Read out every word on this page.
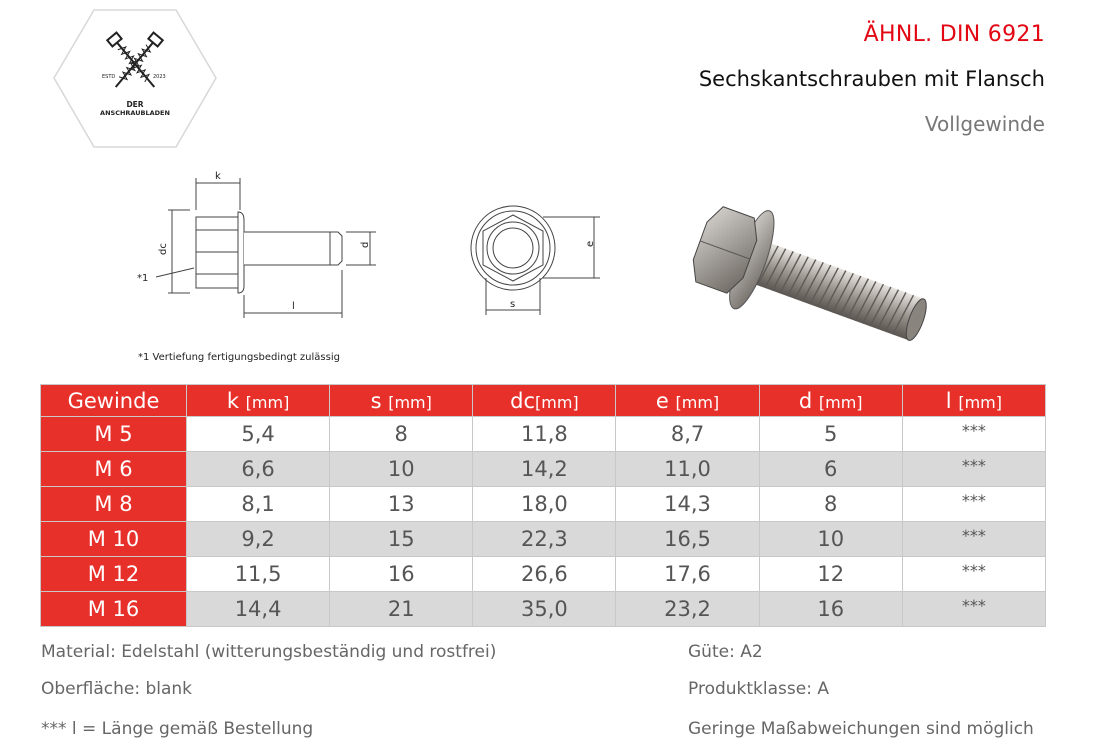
ESTD	2023
DER
ANSCHRAUBLADEN
ÄHNL. DIN 6921
Sechskantschrauben mit Flansch
Vollgewinde
k
dc	d
l
*1
s
e
*1 Vertiefung fertigungsbedingt zulässig
Gewinde	k [mm]	s [mm]	dc[mm]	e [mm]	d [mm]	l [mm]
M 5	5,4	8	11,8	8,7	5	***
M 6	6,6	10	14,2	11,0	6	***
M 8	8,1	13	18,0	14,3	8	***
M 10	9,2	15	22,3	16,5	10	***
M 12	11,5	16	26,6	17,6	12	***
M 16	14,4	21	35,0	23,2	16	***
Material: Edelstahl (witterungsbeständig und rostfrei)
Oberfläche: blank
*** l = Länge gemäß Bestellung
Güte: A2
Produktklasse: A
Geringe Maßabweichungen sind möglich
